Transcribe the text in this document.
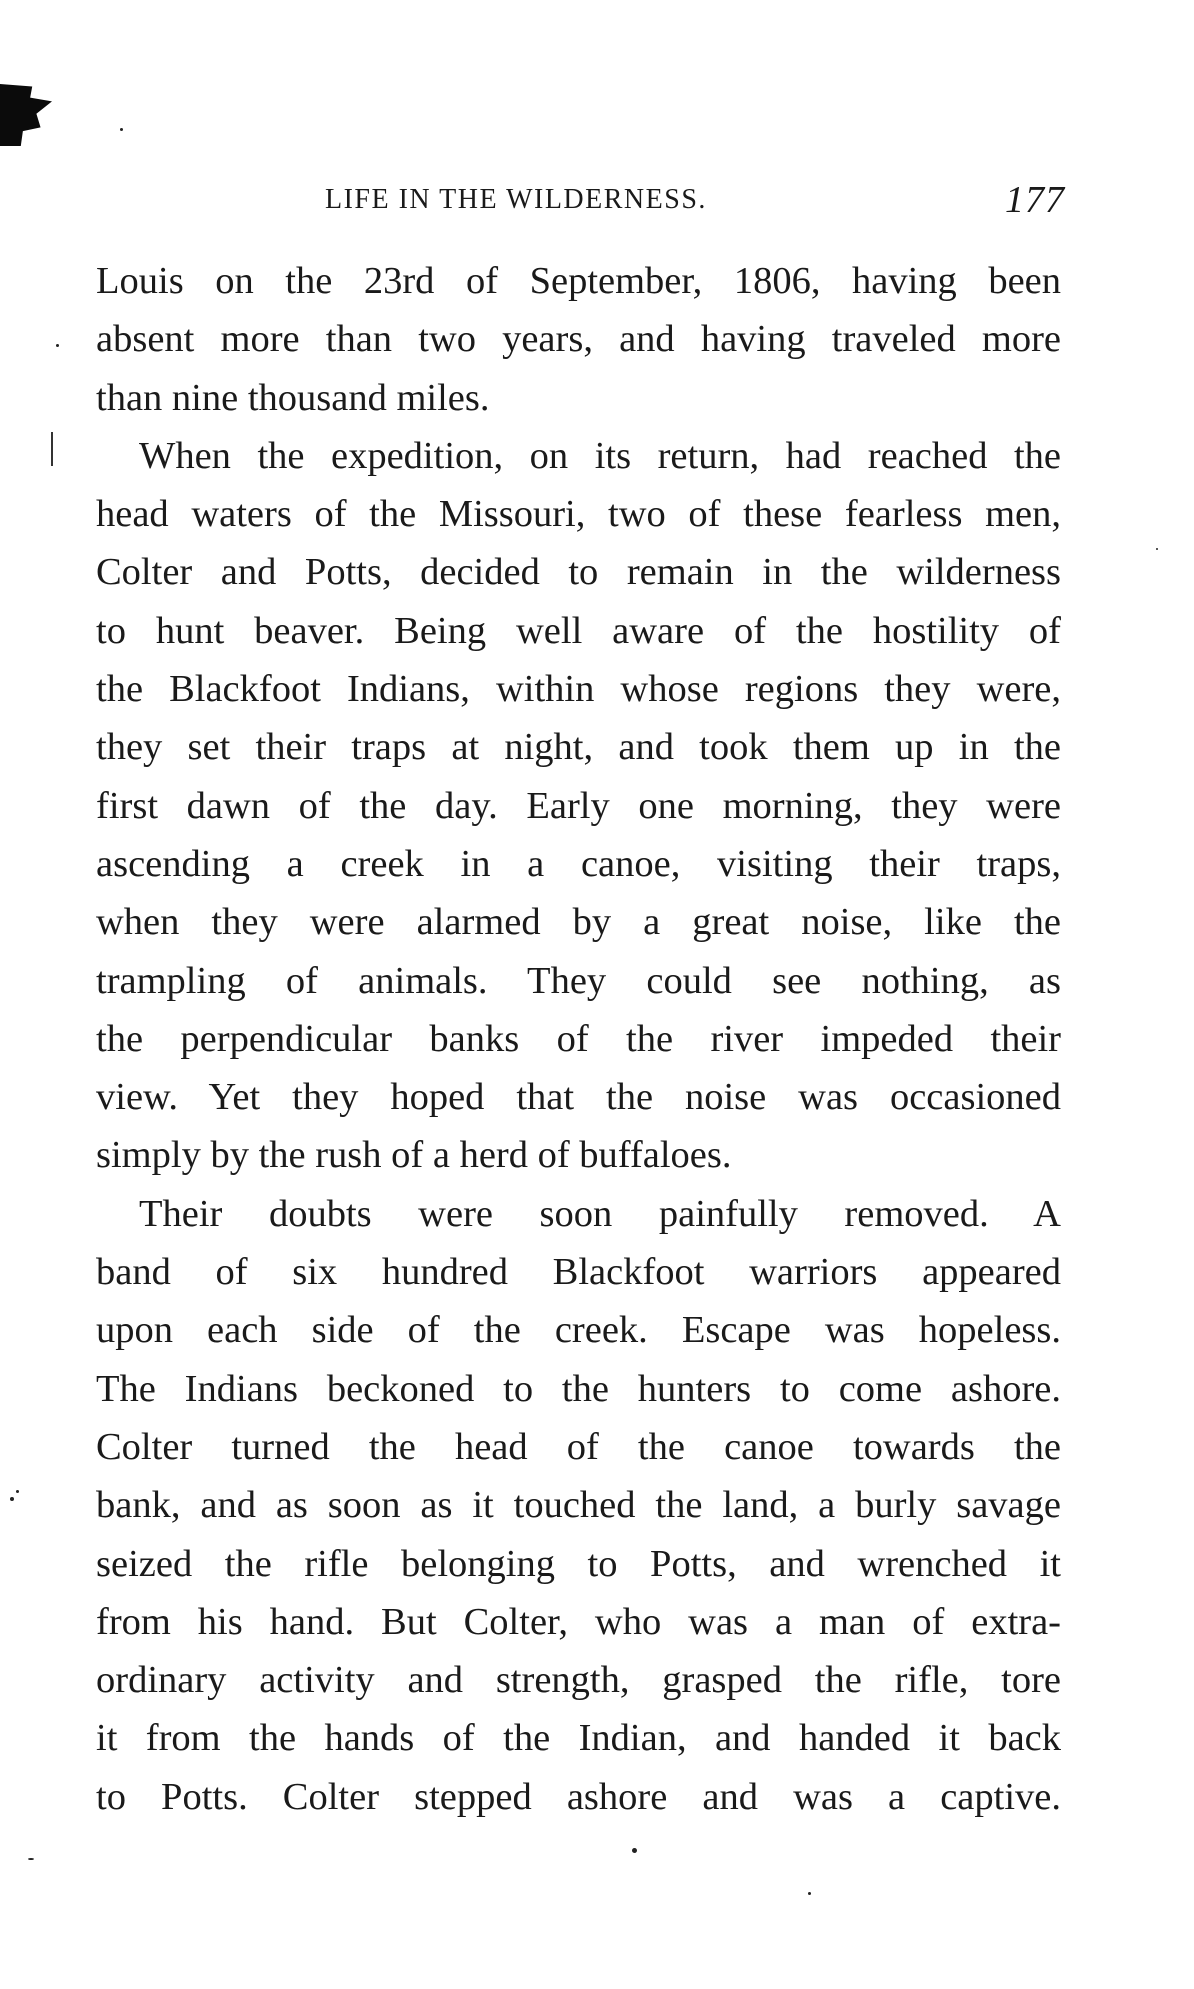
LIFE IN THE WILDERNESS.	177
Louis on the 23rd of September, 1806, having been
absent more than two years, and having traveled more
than nine thousand miles.
When the expedition, on its return, had reached the
head waters of the Missouri, two of these fearless men,
Colter and Potts, decided to remain in the wilderness
to hunt beaver. Being well aware of the hostility of
the Blackfoot Indians, within whose regions they were,
they set their traps at night, and took them up in the
first dawn of the day. Early one morning, they were
ascending a creek in a canoe, visiting their traps,
when they were alarmed by a great noise, like the
trampling of animals. They could see nothing, as
the perpendicular banks of the river impeded their
view. Yet they hoped that the noise was occasioned
simply by the rush of a herd of buffaloes.
Their doubts were soon painfully removed. A
band of six hundred Blackfoot warriors appeared
upon each side of the creek. Escape was hopeless.
The Indians beckoned to the hunters to come ashore.
Colter turned the head of the canoe towards the
bank, and as soon as it touched the land, a burly savage
seized the rifle belonging to Potts, and wrenched it
from his hand. But Colter, who was a man of extra-
ordinary activity and strength, grasped the rifle, tore
it from the hands of the Indian, and handed it back
to Potts. Colter stepped ashore and was a captive.
